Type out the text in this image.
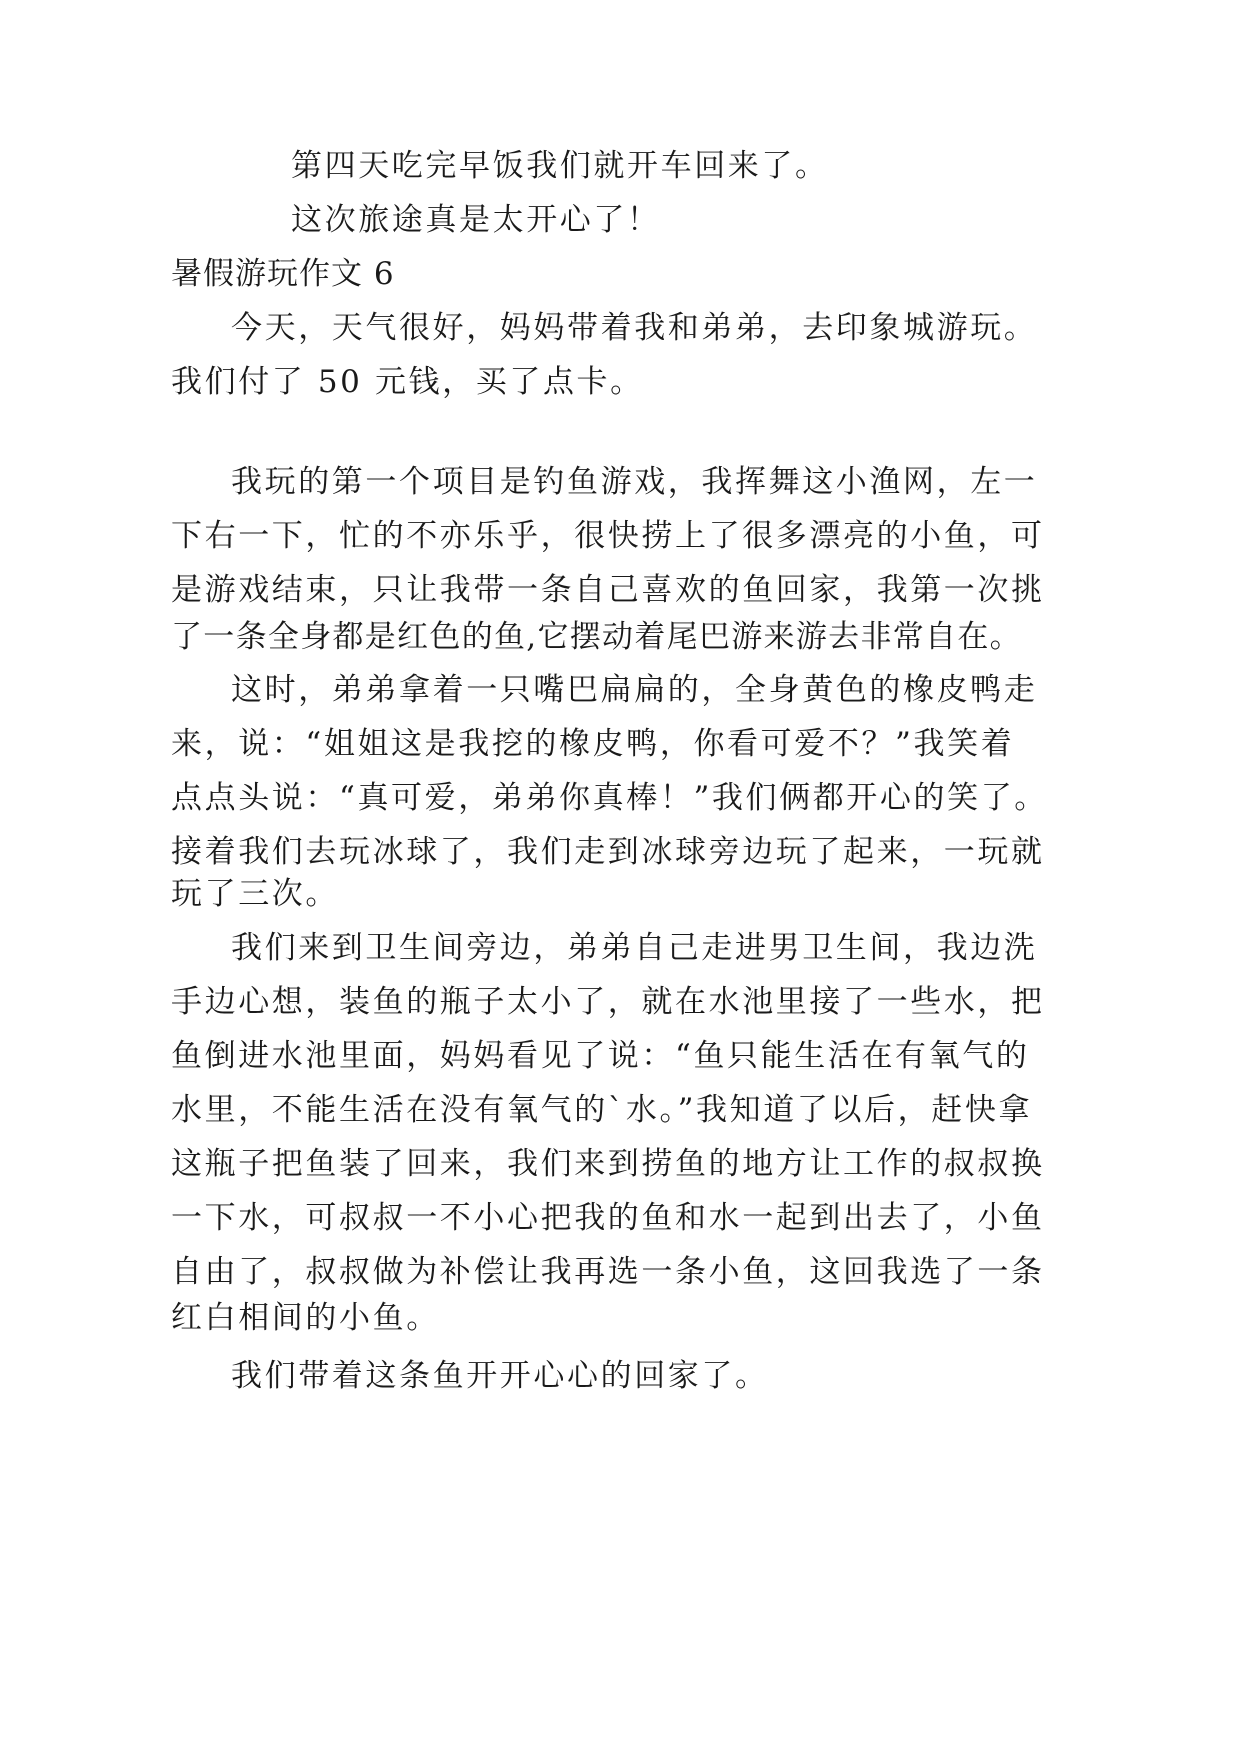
第四天吃完早饭我们就开车回来了。
这次旅途真是太开心了！
暑假游玩作文 6
今天，天气很好，妈妈带着我和弟弟，去印象城游玩。
我们付了 50 元钱，买了点卡。
我玩的第一个项目是钓鱼游戏，我挥舞这小渔网，左一
下右一下，忙的不亦乐乎，很快捞上了很多漂亮的小鱼，可
是游戏结束，只让我带一条自己喜欢的鱼回家，我第一次挑
了一条全身都是红色的鱼,它摆动着尾巴游来游去非常自在。
这时，弟弟拿着一只嘴巴扁扁的，全身黄色的橡皮鸭走
来，说：“姐姐这是我挖的橡皮鸭，你看可爱不？”我笑着
点点头说：“真可爱，弟弟你真棒！”我们俩都开心的笑了。
接着我们去玩冰球了，我们走到冰球旁边玩了起来，一玩就
玩了三次。
我们来到卫生间旁边，弟弟自己走进男卫生间，我边洗
手边心想，装鱼的瓶子太小了，就在水池里接了一些水，把
鱼倒进水池里面，妈妈看见了说：“鱼只能生活在有氧气的
水里，不能生活在没有氧气的`水。”我知道了以后，赶快拿
这瓶子把鱼装了回来，我们来到捞鱼的地方让工作的叔叔换
一下水，可叔叔一不小心把我的鱼和水一起到出去了，小鱼
自由了，叔叔做为补偿让我再选一条小鱼，这回我选了一条
红白相间的小鱼。
我们带着这条鱼开开心心的回家了。
